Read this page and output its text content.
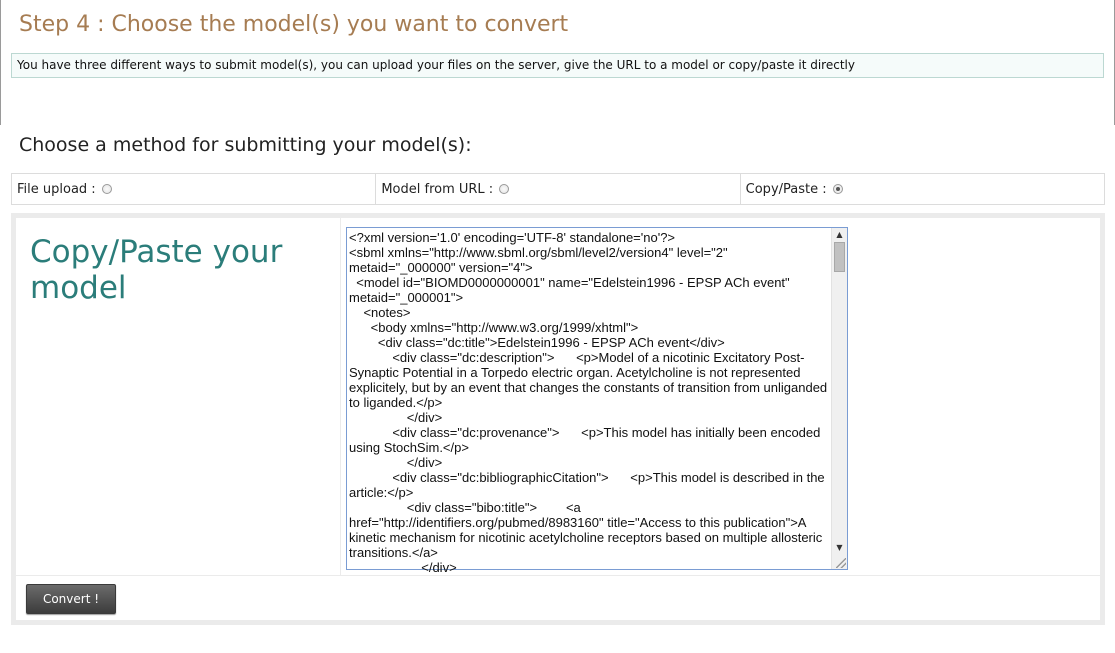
Step 4 : Choose the model(s) you want to convert
You have three different ways to submit model(s), you can upload your files on the server, give the URL to a model or copy/paste it directly
Choose a method for submitting your model(s):
File upload :	Model from URL :	Copy/Paste :
Copy/Paste your model
<?xml version='1.0' encoding='UTF-8' standalone='no'?>
<sbml xmlns="http://www.sbml.org/sbml/level2/version4" level="2" metaid="_000000" version="4">
<model id="BIOMD0000000001" name="Edelstein1996 - EPSP ACh event" metaid="_000001">
<notes>
<body xmlns="http://www.w3.org/1999/xhtml">
<div class="dc:title">Edelstein1996 - EPSP ACh event</div>
<div class="dc:description">      <p>Model of a nicotinic Excitatory Post-Synaptic Potential in a Torpedo electric organ. Acetylcholine is not represented explicitely, but by an event that changes the constants of transition from unliganded to liganded.</p>
</div>
<div class="dc:provenance">      <p>This model has initially been encoded using StochSim.</p>
</div>
<div class="dc:bibliographicCitation">      <p>This model is described in the article:</p>
<div class="bibo:title">        <a href="http://identifiers.org/pubmed/8983160" title="Access to this publication">A kinetic mechanism for nicotinic acetylcholine receptors based on multiple allosteric transitions.</a>
</div>
▲
▼
Convert !
